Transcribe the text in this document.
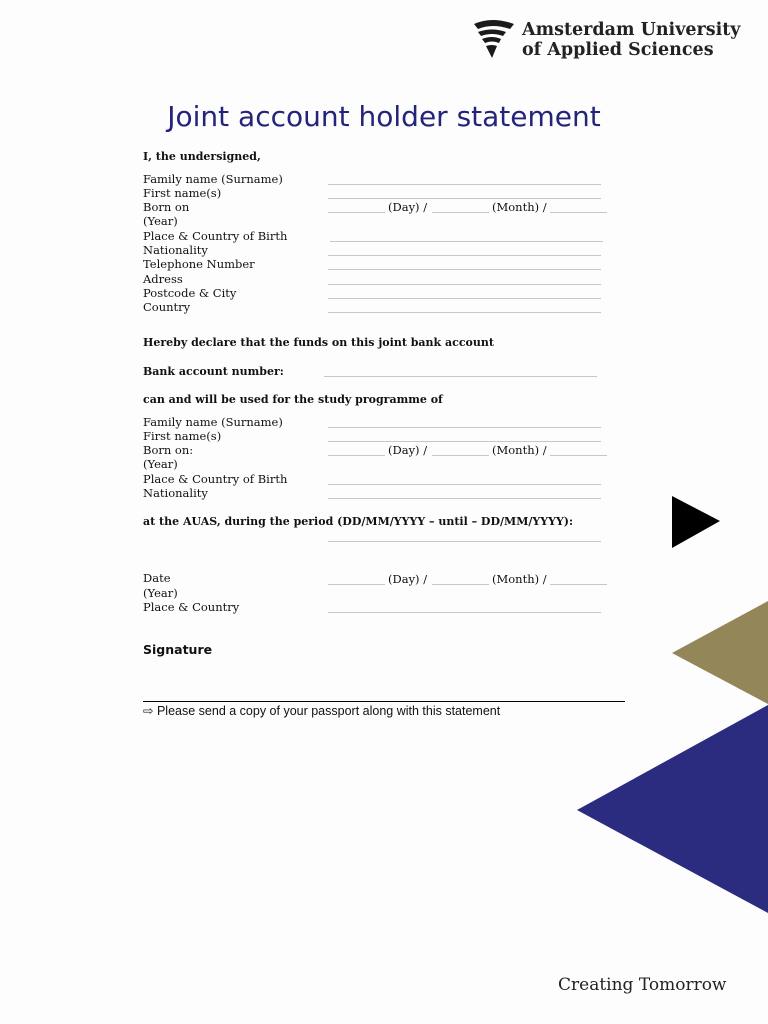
Amsterdam University
of Applied Sciences
Joint account holder statement
I, the undersigned,
Family name (Surname)
First name(s)
Born on	(Day) /	(Month) /
(Year)
Place & Country of Birth
Nationality
Telephone Number
Adress
Postcode & City
Country
Hereby declare that the funds on this joint bank account
Bank account number:
can and will be used for the study programme of
Family name (Surname)
First name(s)
Born on:	(Day) /	(Month) /
(Year)
Place & Country of Birth
Nationality
at the AUAS, during the period (DD/MM/YYYY – until – DD/MM/YYYY):
Date	(Day) /	(Month) /
(Year)
Place & Country
Signature
⇨ Please send a copy of your passport along with this statement
Creating Tomorrow
